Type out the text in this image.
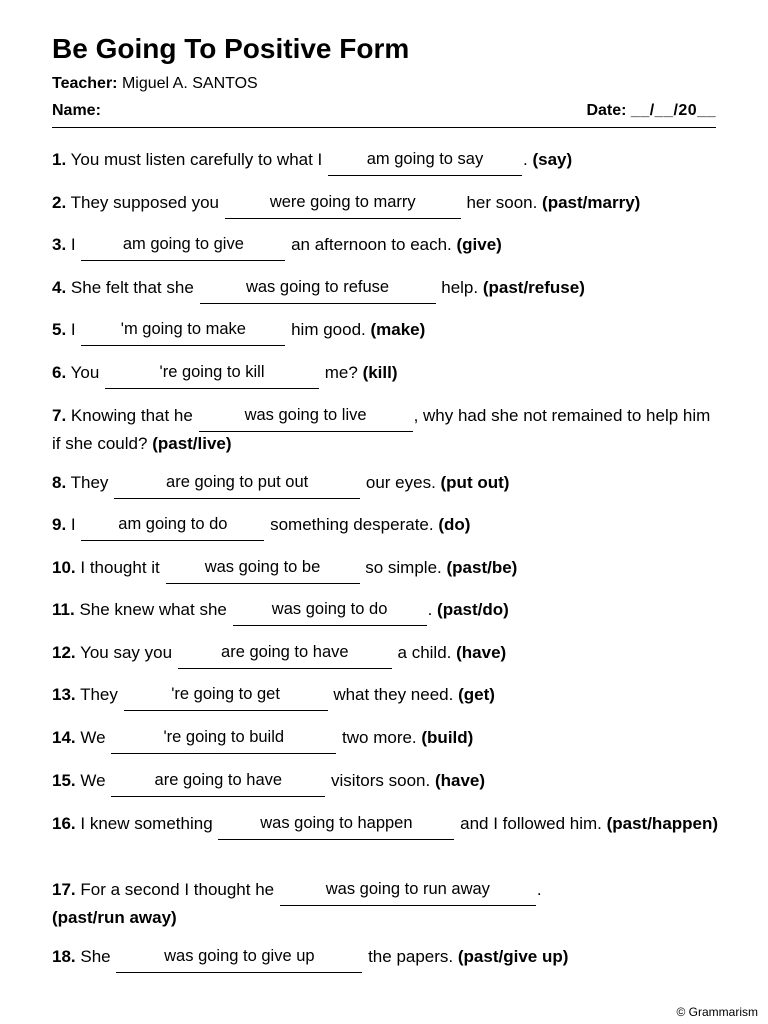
Be Going To Positive Form
Teacher: Miguel A. SANTOS
Name:	Date: __/__/20__
1. You must listen carefully to what I am going to say . (say)
2. They supposed you	were going to marry	her soon. (past/marry)
3. I	am going to give an afternoon to each. (give)
4. She felt that she	was going to refuse	help. (past/refuse)
5. I 'm going to make him good. (make)
6. You	're going to kill	me? (kill)
7. Knowing that he	was going to live	, why had she not remained to help him if she could? (past/live)
8. They	are going to put out	our eyes. (put out)
9. I am going to do something desperate. (do)
10. I thought it was going to be so simple. (past/be)
11. She knew what she was going to do . (past/do)
12. You say you	are going to have	a child. (have)
13. They	're going to get	what they need. (get)
14. We	're going to build	two more. (build)
15. We	are going to have	visitors soon. (have)
16. I knew something	was going to happen	and I followed him. (past/happen)
17. For a second I thought he	was going to run away	.
(past/run away)
18. She	was going to give up	the papers. (past/give up)
© Grammarism
